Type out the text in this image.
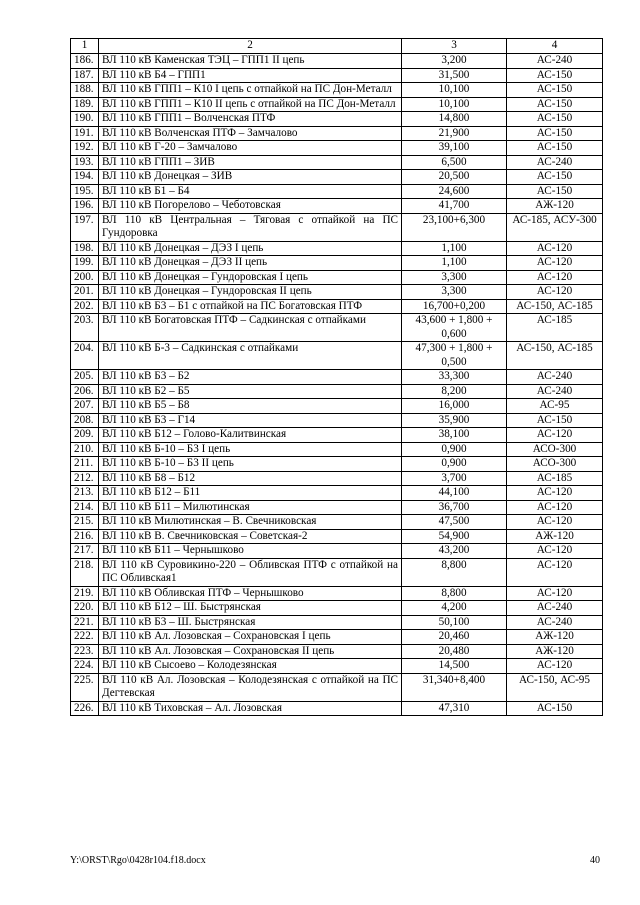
1	2	3	4
186.	ВЛ 110 кВ Каменская ТЭЦ – ГПП1 II цепь	3,200	АС-240
187.	ВЛ 110 кВ Б4 – ГПП1	31,500	АС-150
188.	ВЛ 110 кВ ГПП1 – К10 I цепь с отпайкой на ПС Дон-Металл	10,100	АС-150
189.	ВЛ 110 кВ ГПП1 – К10 II цепь с отпайкой на ПС Дон-Металл	10,100	АС-150
190.	ВЛ 110 кВ ГПП1 – Волченская ПТФ	14,800	АС-150
191.	ВЛ 110 кВ Волченская ПТФ – Замчалово	21,900	АС-150
192.	ВЛ 110 кВ Г-20 – Замчалово	39,100	АС-150
193.	ВЛ 110 кВ ГПП1 – ЗИВ	6,500	АС-240
194.	ВЛ 110 кВ Донецкая – ЗИВ	20,500	АС-150
195.	ВЛ 110 кВ Б1 – Б4	24,600	АС-150
196.	ВЛ 110 кВ Погорелово – Чеботовская	41,700	АЖ-120
197.	ВЛ 110 кВ Центральная – Тяговая с отпайкой на ПС Гундоровка	23,100+6,300	АС-185, АСУ-300
198.	ВЛ 110 кВ Донецкая – ДЭЗ I цепь	1,100	АС-120
199.	ВЛ 110 кВ Донецкая – ДЭЗ II цепь	1,100	АС-120
200.	ВЛ 110 кВ Донецкая – Гундоровская I цепь	3,300	АС-120
201.	ВЛ 110 кВ Донецкая – Гундоровская II цепь	3,300	АС-120
202.	ВЛ 110 кВ Б3 – Б1 с отпайкой на ПС Богатовская ПТФ	16,700+0,200	АС-150, АС-185
203.	ВЛ 110 кВ Богатовская ПТФ – Садкинская с отпайками	43,600 + 1,800 + 0,600	АС-185
204.	ВЛ 110 кВ Б-3 – Садкинская с отпайками	47,300 + 1,800 + 0,500	АС-150, АС-185
205.	ВЛ 110 кВ Б3 – Б2	33,300	АС-240
206.	ВЛ 110 кВ Б2 – Б5	8,200	АС-240
207.	ВЛ 110 кВ Б5 – Б8	16,000	АС-95
208.	ВЛ 110 кВ Б3 – Г14	35,900	АС-150
209.	ВЛ 110 кВ Б12 – Голово-Калитвинская	38,100	АС-120
210.	ВЛ 110 кВ Б-10 – Б3 I цепь	0,900	АСО-300
211.	ВЛ 110 кВ Б-10 – Б3 II цепь	0,900	АСО-300
212.	ВЛ 110 кВ Б8 – Б12	3,700	АС-185
213.	ВЛ 110 кВ Б12 – Б11	44,100	АС-120
214.	ВЛ 110 кВ Б11 – Милютинская	36,700	АС-120
215.	ВЛ 110 кВ Милютинская – В. Свечниковская	47,500	АС-120
216.	ВЛ 110 кВ В. Свечниковская – Советская-2	54,900	АЖ-120
217.	ВЛ 110 кВ Б11 – Чернышково	43,200	АС-120
218.	ВЛ 110 кВ Суровикино-220 – Обливская ПТФ с отпайкой на ПС Обливская1	8,800	АС-120
219.	ВЛ 110 кВ Обливская ПТФ – Чернышково	8,800	АС-120
220.	ВЛ 110 кВ Б12 – Ш. Быстрянская	4,200	АС-240
221.	ВЛ 110 кВ Б3 – Ш. Быстрянская	50,100	АС-240
222.	ВЛ 110 кВ Ал. Лозовская – Сохрановская I цепь	20,460	АЖ-120
223.	ВЛ 110 кВ Ал. Лозовская – Сохрановская II цепь	20,480	АЖ-120
224.	ВЛ 110 кВ Сысоево – Колодезянская	14,500	АС-120
225.	ВЛ 110 кВ Ал. Лозовская – Колодезянская с отпайкой на ПС Дегтевская	31,340+8,400	АС-150, АС-95
226.	ВЛ 110 кВ Тиховская – Ал. Лозовская	47,310	АС-150
Y:\ORST\Rgo\0428r104.f18.docx	40
